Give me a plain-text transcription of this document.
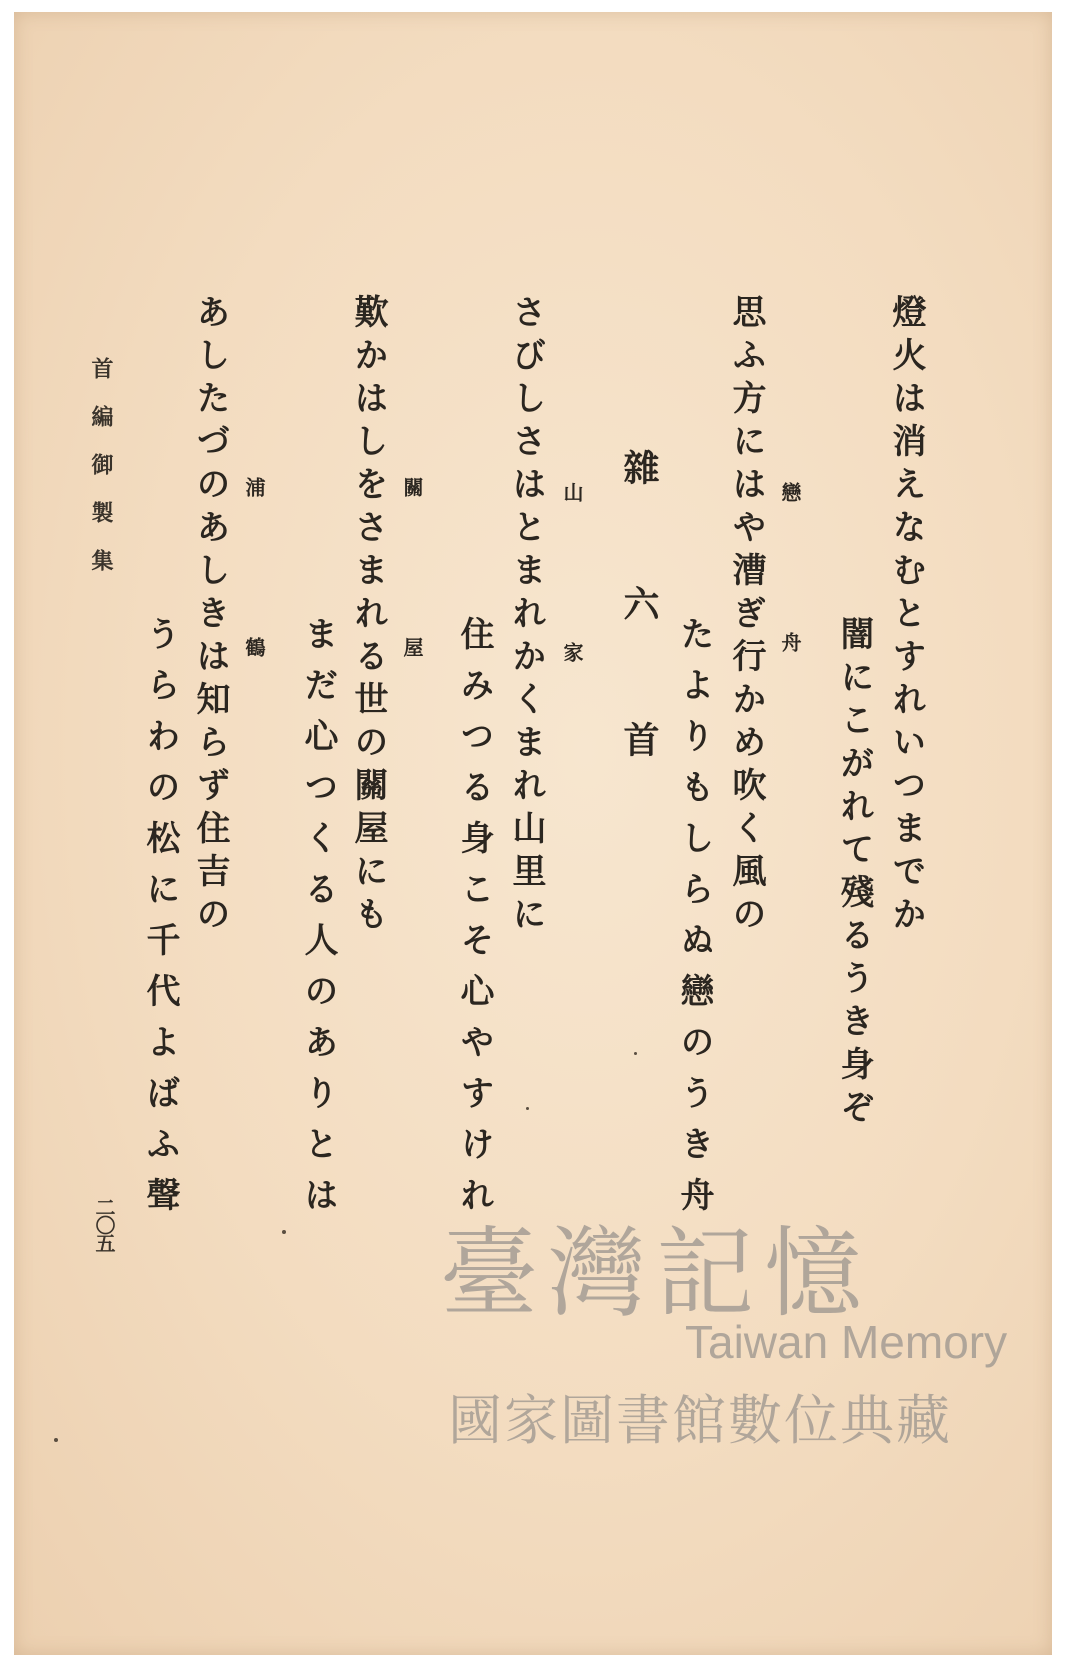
燈火は消えなむとすれいつまでか
闇にこがれて殘るうき身ぞ
戀舟
思ふ方にはや漕ぎ行かめ吹く風の
たよりもしらぬ戀のうき舟
雜六首
さびしさはとまれかくまれ山里に
住みつる身こそ心やすけれ	山家
歎かはしをさまれる世の關屋にも
まだ心つくる人のありとは	關屋
あしたづのあしきは知らず住吉の
うらわの松に千代よばふ聲	浦鶴
首編御製集
二〇五	臺灣記憶
Taiwan Memory
國家圖書館數位典藏
